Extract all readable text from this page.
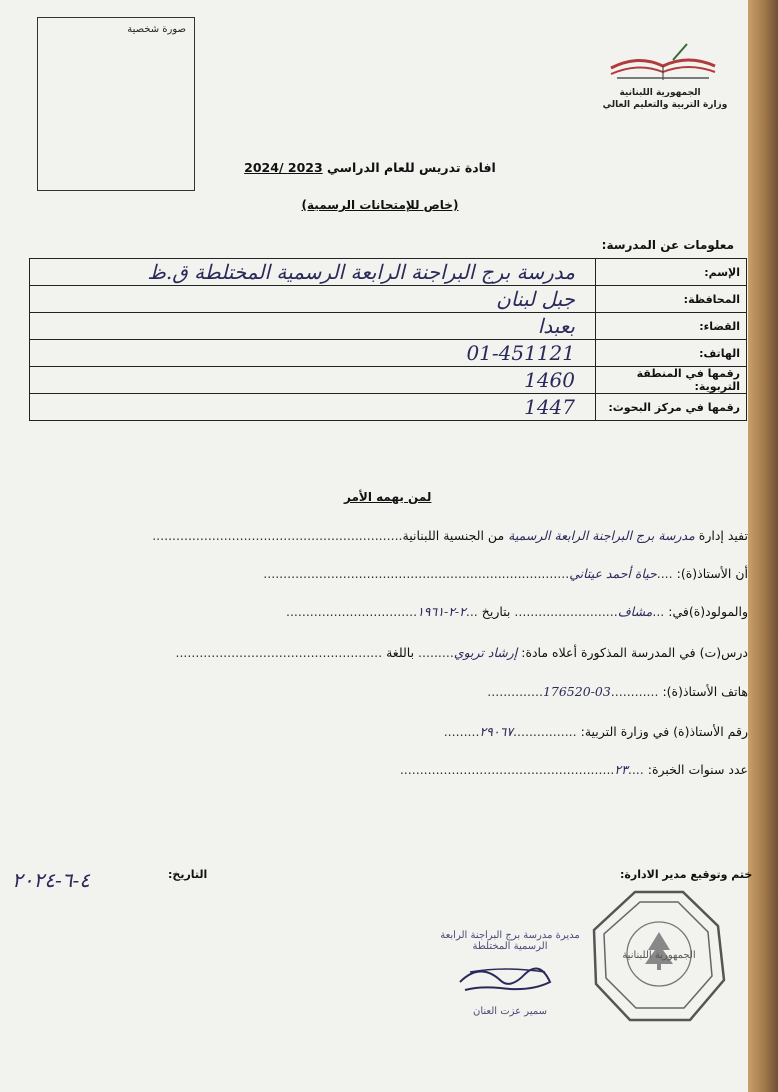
صورة شخصية
الجمهورية اللبنانية
وزارة التربية والتعليم العالي
افادة تدريس للعام الدراسي 2023 /2024
(خاص للإمتحانات الرسمية)
معلومات عن المدرسة:
مدرسة برج البراجنة الرابعة الرسمية المختلطة ق.ظ	الإسم:
جبل لبنان	المحافظة:
بعبدا	القضاء:
01-451121	الهاتف:
1460	رقمها في المنطقة التربوية:
1447	رقمها في مركز البحوث:
لمن يهمه الأمر
تفيد إدارة مدرسة برج البراجنة الرابعة الرسمية من الجنسية اللبنانية...............................................................
أن الأستاذ(ة): ....حياة أحمد عيتاني.............................................................................
والمولود(ة)في: ...مشاف.......................... بتاريخ ...٢-٢-١٩٦١.................................
درس(ت) في المدرسة المذكورة أعلاه مادة: إرشاد تربوي......... باللغة ....................................................
هاتف الأستاذ(ة): ............03-176520..............
رقم الأستاذ(ة) في وزارة التربية: ................٢٩٠٦٧.........
عدد سنوات الخبرة: ....٢٣......................................................
ختم وتوقيع مدير الادارة:
التاريخ:
٤-٦-٢٠٢٤
الجمهورية اللبنانية
مديرة مدرسة برج البراجنة الرابعة الرسمية المختلطة
سمير عزت العنان
